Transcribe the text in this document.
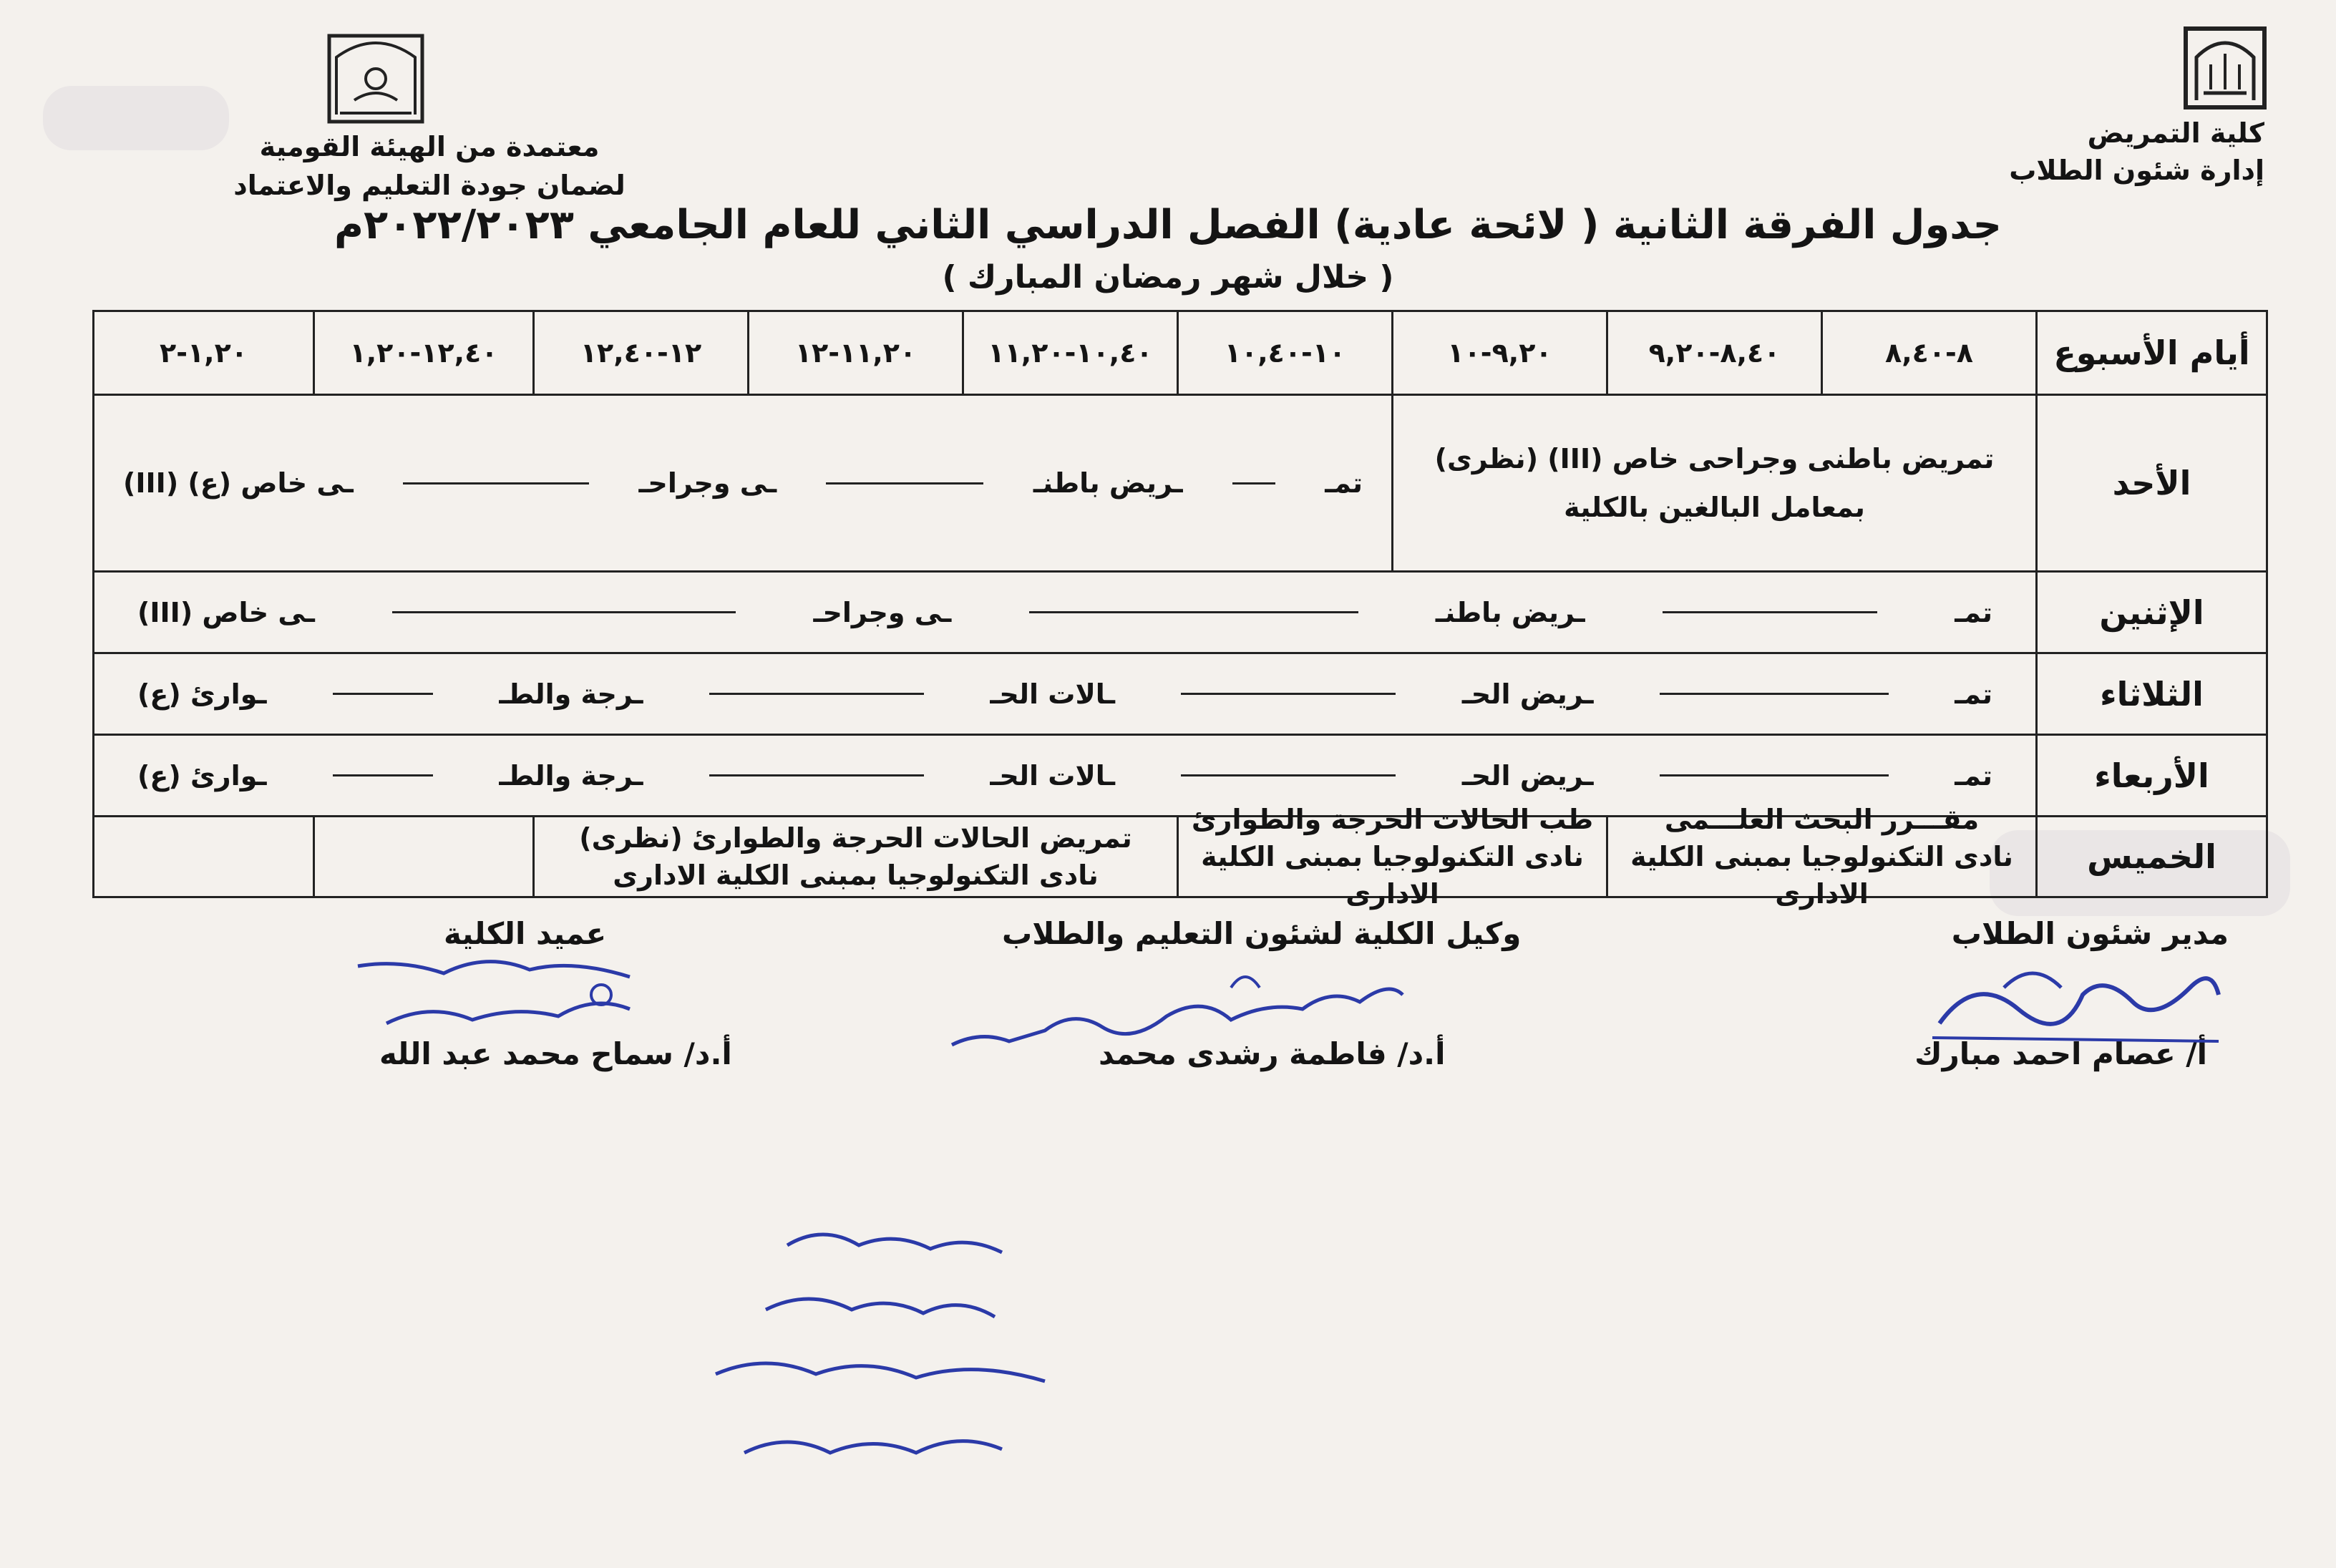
كلية التمريض
إدارة شئون الطلاب
معتمدة من الهيئة القومية
لضمان جودة التعليم والاعتماد
جدول الفرقة الثانية ( لائحة عادية) الفصل الدراسي الثاني للعام الجامعي ٢٠٢٢/٢٠٢٣م
( خلال شهر رمضان المبارك )
أيام الأسبوع
٨-٨,٤٠
٨,٤٠-٩,٢٠
٩,٢٠-١٠
١٠-١٠,٤٠
١٠,٤٠-١١,٢٠
١١,٢٠-١٢
١٢-١٢,٤٠
١٢,٤٠-١,٢٠
١,٢٠-٢
الأحد
تمريض باطنى وجراحى خاص (III) (نظرى)
بمعامل البالغين بالكلية
تمـ
ـريض باطنـ
ـى وجراحـ
ـى خاص (ع) (III)
الإثنين
تمـ
ـريض باطنـ
ـى وجراحـ
ـى خاص (III)
الثلاثاء
تمـ
ـريض الحـ
ـالات الحـ
ـرجة والطـ
ـوارئ (ع)
الأربعاء
تمـ
ـريض الحـ
ـالات الحـ
ـرجة والطـ
ـوارئ (ع)
الخميس
مقـــرر البحث العلـــمى
نادى التكنولوجيا بمبنى الكلية الادارى
طب الحالات الحرجة والطوارئ
نادى التكنولوجيا بمبنى الكلية الادارى
تمريض الحالات الحرجة والطوارئ (نظرى)
نادى التكنولوجيا بمبنى الكلية الادارى
مدير شئون الطلاب
وكيل الكلية لشئون التعليم والطلاب
عميد الكلية
أ/ عصام احمد مبارك
أ.د/ فاطمة رشدى محمد
أ.د/ سماح محمد عبد الله
